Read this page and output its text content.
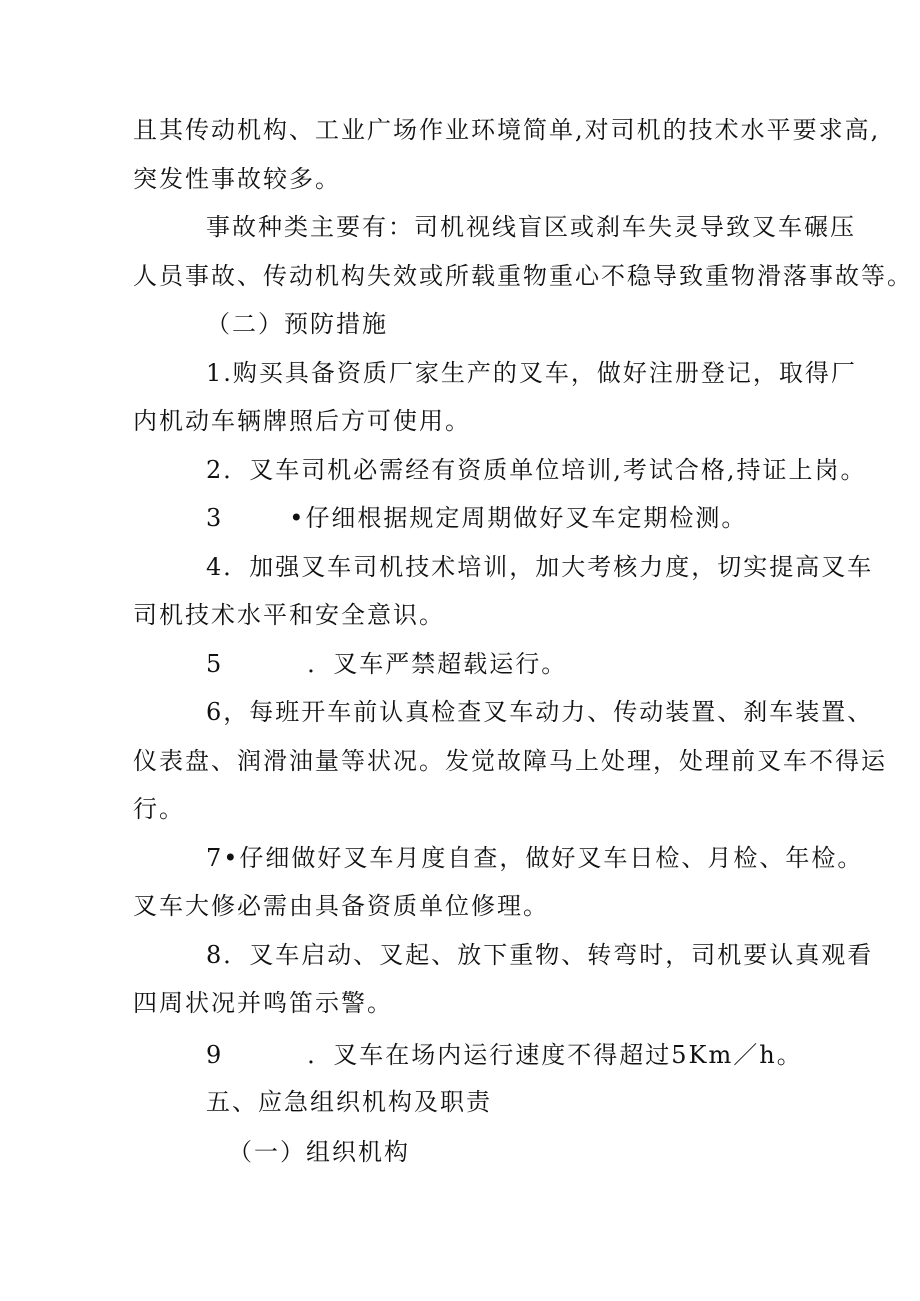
且其传动机构、工业广场作业环境简单,对司机的技术水平要求高,
突发性事故较多。
事故种类主要有：司机视线盲区或刹车失灵导致叉车碾压
人员事故、传动机构失效或所载重物重心不稳导致重物滑落事故等。
（二）预防措施
1.购买具备资质厂家生产的叉车，做好注册登记，取得厂
内机动车辆牌照后方可使用。
2．叉车司机必需经有资质单位培训,考试合格,持证上岗。
3	•仔细根据规定周期做好叉车定期检测。
4．加强叉车司机技术培训，加大考核力度，切实提高叉车
司机技术水平和安全意识。
5	．叉车严禁超载运行。
6，每班开车前认真检查叉车动力、传动装置、刹车装置、
仪表盘、润滑油量等状况。发觉故障马上处理，处理前叉车不得运
行。
7•仔细做好叉车月度自查，做好叉车日检、月检、年检。
叉车大修必需由具备资质单位修理。
8．叉车启动、叉起、放下重物、转弯时，司机要认真观看
四周状况并鸣笛示警。
9	．叉车在场内运行速度不得超过5Km／h。
五、应急组织机构及职责
（一）组织机构
